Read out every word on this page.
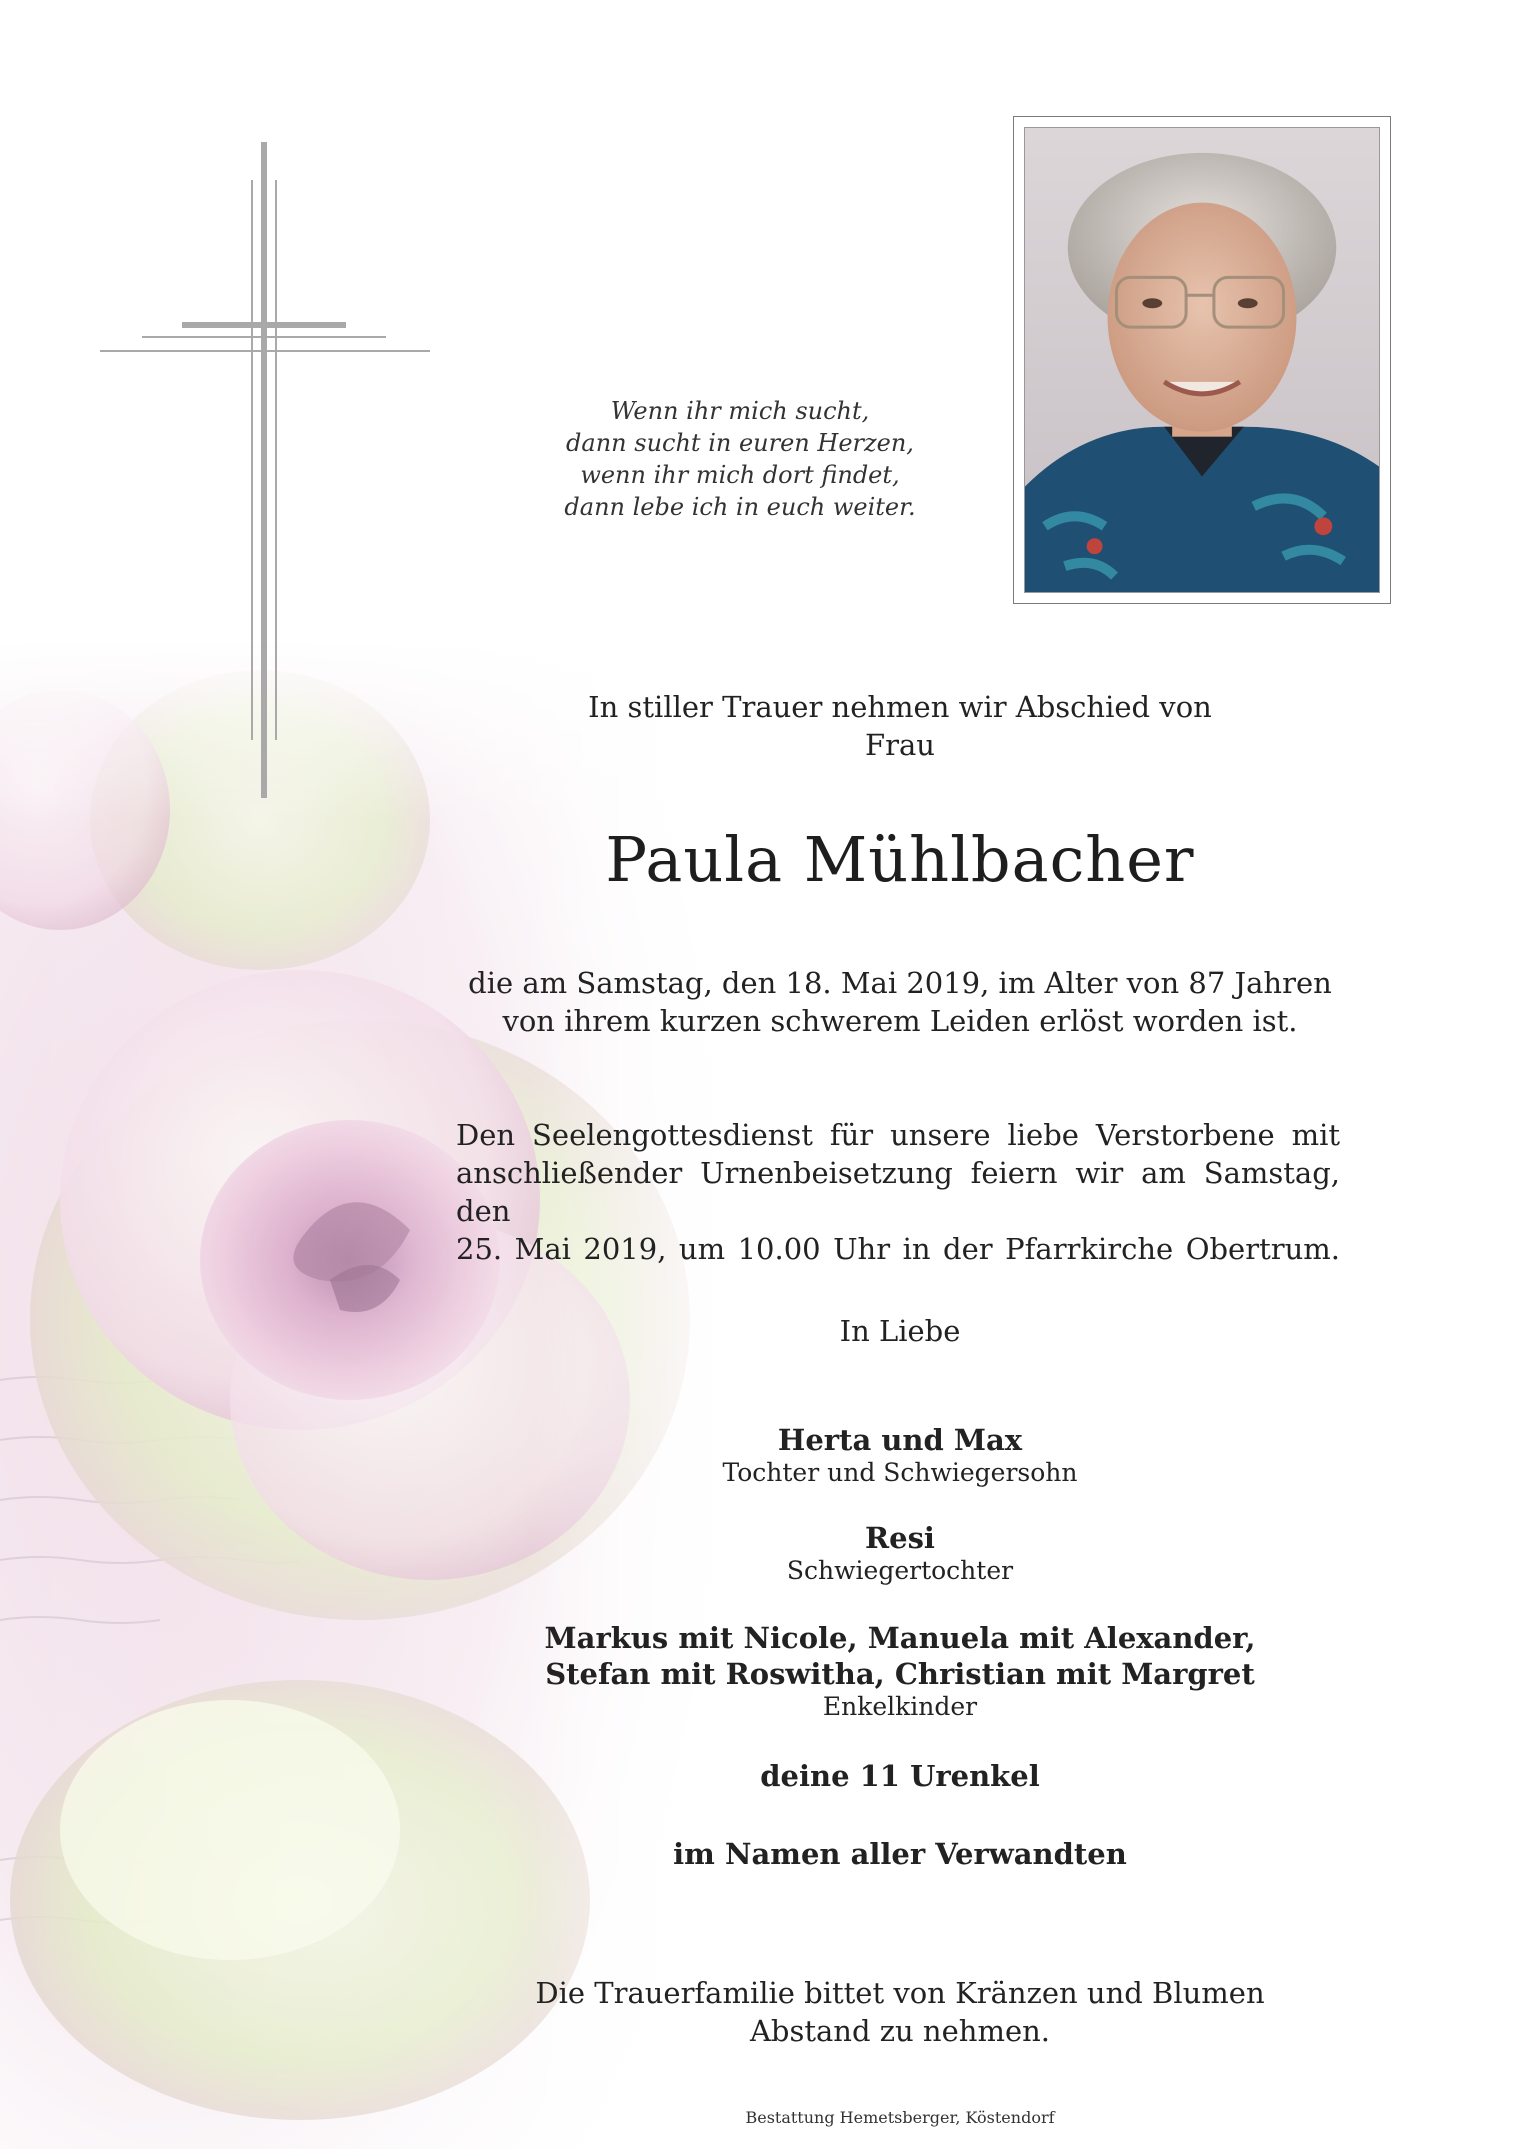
Wenn ihr mich sucht,
dann sucht in euren Herzen,
wenn ihr mich dort findet,
dann lebe ich in euch weiter.
In stiller Trauer nehmen wir Abschied von
Frau
Paula Mühlbacher
die am Samstag, den 18. Mai 2019, im Alter von 87 Jahren
von ihrem kurzen schwerem Leiden erlöst worden ist.
Den Seelengottesdienst für unsere liebe Verstorbene mit
anschließender Urnenbeisetzung feiern wir am Samstag, den
25. Mai 2019, um 10.00 Uhr in der Pfarrkirche Obertrum.
In Liebe
Herta und Max
Tochter und Schwiegersohn
Resi
Schwiegertochter
Markus mit Nicole, Manuela mit Alexander,
Stefan mit Roswitha, Christian mit Margret
Enkelkinder
deine 11 Urenkel
im Namen aller Verwandten
Die Trauerfamilie bittet von Kränzen und Blumen
Abstand zu nehmen.
Bestattung Hemetsberger, Köstendorf
